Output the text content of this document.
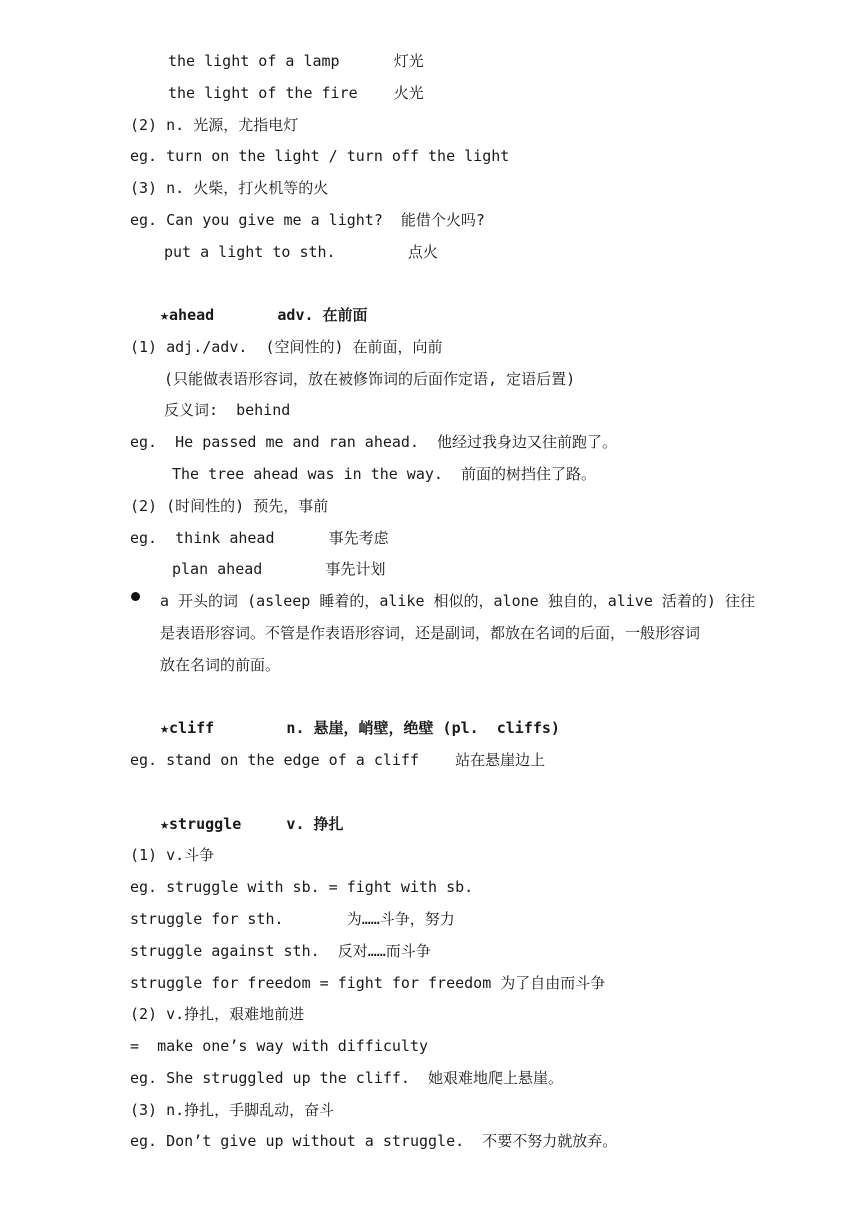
the light of a lamp      灯光
the light of the fire    火光
(2) n. 光源，尤指电灯
eg. turn on the light / turn off the light
(3) n. 火柴，打火机等的火
eg. Can you give me a light?  能借个火吗?
put a light to sth.        点火
★ahead       adv. 在前面
(1) adj./adv.  (空间性的) 在前面，向前
(只能做表语形容词，放在被修饰词的后面作定语, 定语后置)
反义词:  behind
eg.  He passed me and ran ahead.  他经过我身边又往前跑了。
The tree ahead was in the way.  前面的树挡住了路。
(2) (时间性的) 预先，事前
eg.  think ahead      事先考虑
plan ahead       事先计划
a 开头的词 (asleep 睡着的，alike 相似的，alone 独自的，alive 活着的) 往往
是表语形容词。不管是作表语形容词，还是副词，都放在名词的后面，一般形容词
放在名词的前面。
★cliff        n. 悬崖，峭壁，绝壁 (pl.  cliffs)
eg. stand on the edge of a cliff    站在悬崖边上
★struggle     v. 挣扎
(1) v.斗争
eg. struggle with sb. = fight with sb.
struggle for sth.       为……斗争，努力
struggle against sth.  反对……而斗争
struggle for freedom = fight for freedom 为了自由而斗争
(2) v.挣扎，艰难地前进
=  make one’s way with difficulty
eg. She struggled up the cliff.  她艰难地爬上悬崖。
(3) n.挣扎，手脚乱动，奋斗
eg. Don’t give up without a struggle.  不要不努力就放弃。
